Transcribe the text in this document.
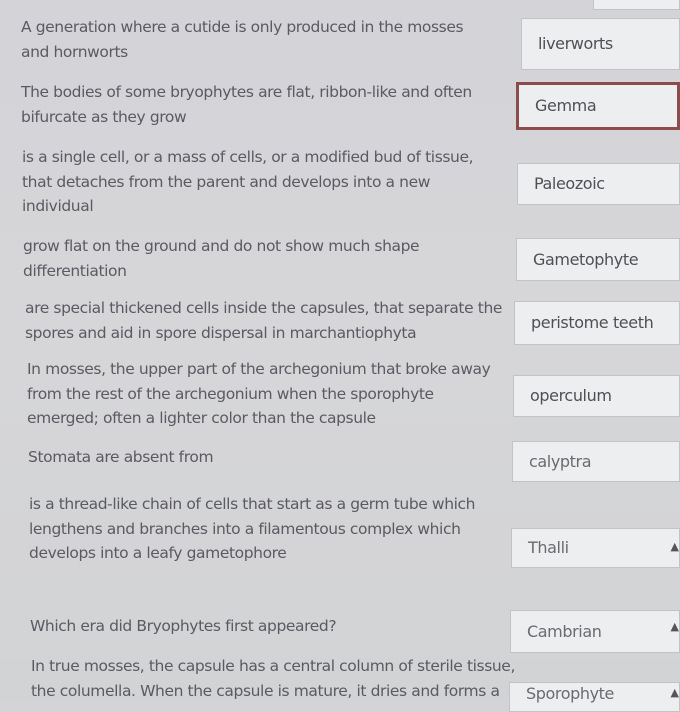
A generation where a cutide is only produced in the mosses
and hornworts
The bodies of some bryophytes are flat, ribbon-like and often
bifurcate as they grow
is a single cell, or a mass of cells, or a modified bud of tissue,
that detaches from the parent and develops into a new
individual
grow flat on the ground and do not show much shape
differentiation
are special thickened cells inside the capsules, that separate the
spores and aid in spore dispersal in marchantiophyta
In mosses, the upper part of the archegonium that broke away
from the rest of the archegonium when the sporophyte
emerged; often a lighter color than the capsule
Stomata are absent from
is a thread-like chain of cells that start as a germ tube which
lengthens and branches into a filamentous complex which
develops into a leafy gametophore
Which era did Bryophytes first appeared?
In true mosses, the capsule has a central column of sterile tissue,
the columella. When the capsule is mature, it dries and forms a
liverworts
Gemma
Paleozoic
Gametophyte
peristome teeth
operculum
calyptra
Thalli
Cambrian
Sporophyte
▲
▲
▲
